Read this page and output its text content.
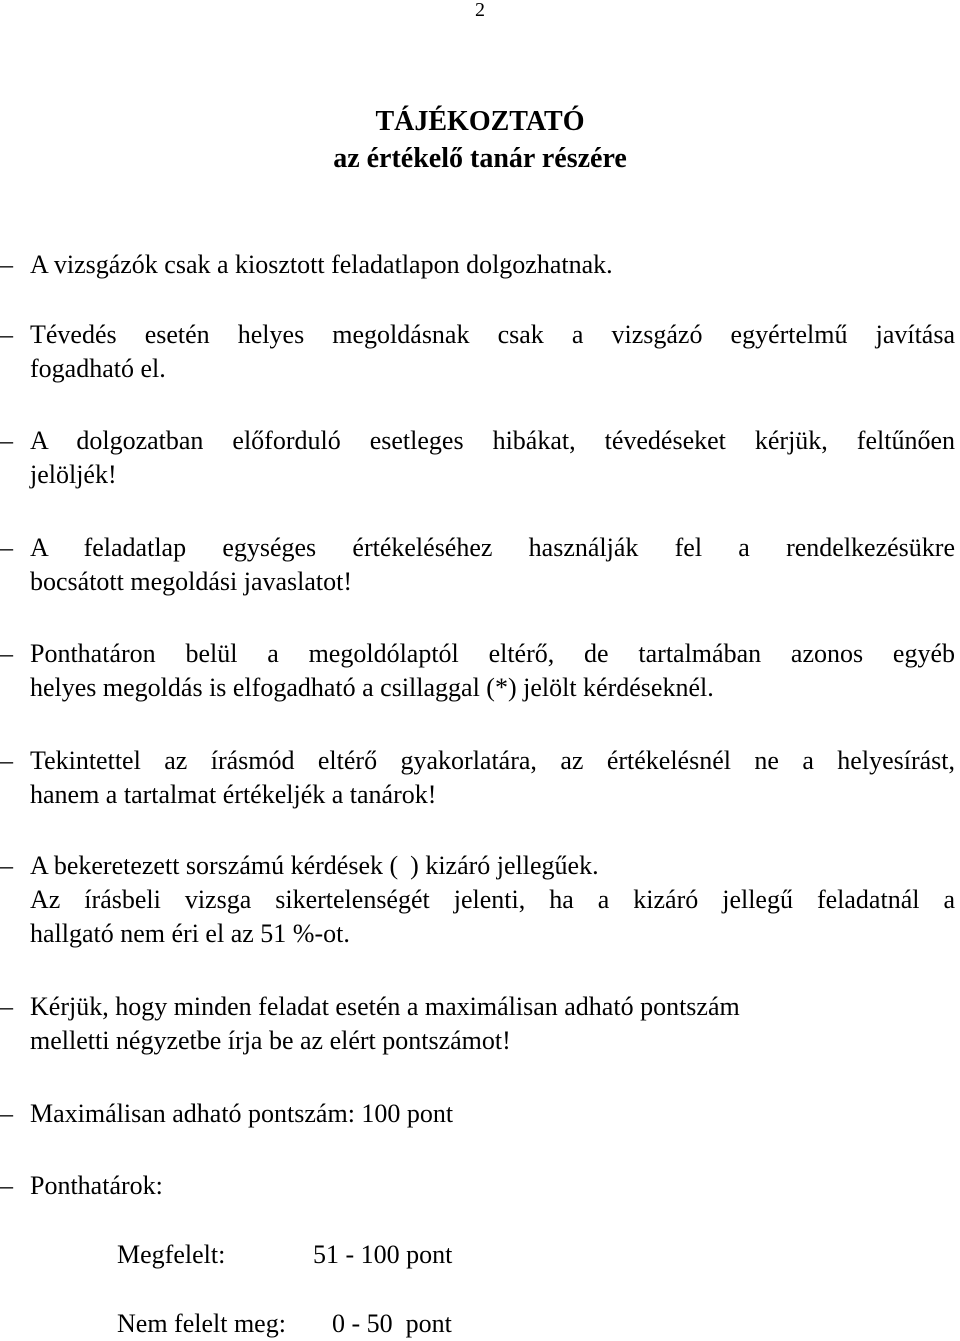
2
TÁJÉKOZTATÓ
az értékelő tanár részére
– A vizsgázók csak a kiosztott feladatlapon dolgozhatnak.
– Tévedés esetén helyes megoldásnak csak a vizsgázó egyértelmű javítása
fogadható el.
– A dolgozatban előforduló esetleges hibákat, tévedéseket kérjük, feltűnően
jelöljék!
– A feladatlap egységes értékeléséhez használják fel a rendelkezésükre
bocsátott megoldási javaslatot!
– Ponthatáron belül a megoldólaptól eltérő, de tartalmában azonos egyéb
helyes megoldás is elfogadható a csillaggal (*) jelölt kérdéseknél.
– Tekintettel az írásmód eltérő gyakorlatára, az értékelésnél ne a helyesírást,
hanem a tartalmat értékeljék a tanárok!
– A bekeretezett sorszámú kérdések ( ) kizáró jellegűek.
Az írásbeli vizsga sikertelenségét jelenti, ha a kizáró jellegű feladatnál a
hallgató nem éri el az 51 %-ot.
– Kérjük, hogy minden feladat esetén a maximálisan adható pontszám
melletti négyzetbe írja be az elért pontszámot!
– Maximálisan adható pontszám: 100 pont
– Ponthatárok:
Megfelelt:	51 - 100 pont
Nem felelt meg: 0 - 50  pont
